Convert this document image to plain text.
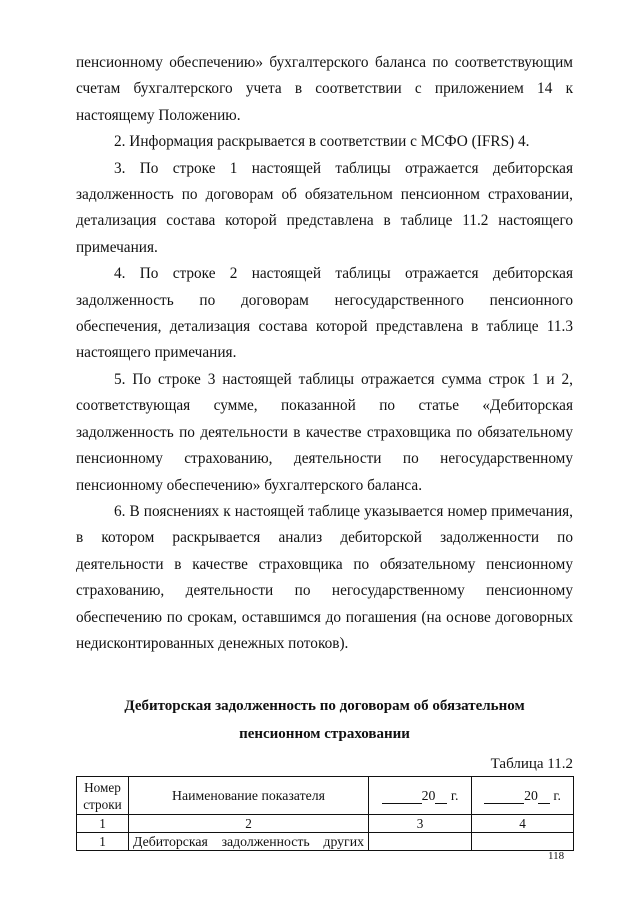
пенсионному обеспечению» бухгалтерского баланса по соответствующим счетам бухгалтерского учета в соответствии с приложением 14 к настоящему Положению.

2. Информация раскрывается в соответствии с МСФО (IFRS) 4.

3. По строке 1 настоящей таблицы отражается дебиторская задолженность по договорам об обязательном пенсионном страховании, детализация состава которой представлена в таблице 11.2 настоящего примечания.

4. По строке 2 настоящей таблицы отражается дебиторская задолженность по договорам негосударственного пенсионного обеспечения, детализация состава которой представлена в таблице 11.3 настоящего примечания.

5. По строке 3 настоящей таблицы отражается сумма строк 1 и 2, соответствующая сумме, показанной по статье «Дебиторская задолженность по деятельности в качестве страховщика по обязательному пенсионному страхованию, деятельности по негосударственному пенсионному обеспечению» бухгалтерского баланса.

6. В пояснениях к настоящей таблице указывается номер примечания, в котором раскрывается анализ дебиторской задолженности по деятельности в качестве страховщика по обязательному пенсионному страхованию, деятельности по негосударственному пенсионному обеспечению по срокам, оставшимся до погашения (на основе договорных недисконтированных денежных потоков).

Дебиторская задолженность по договорам об обязательном

пенсионном страховании

Таблица 11.2

Номер строки	Наименование показателя	20 г.	20 г.
1	2	3	4
1	Дебиторская задолженность других		
118
